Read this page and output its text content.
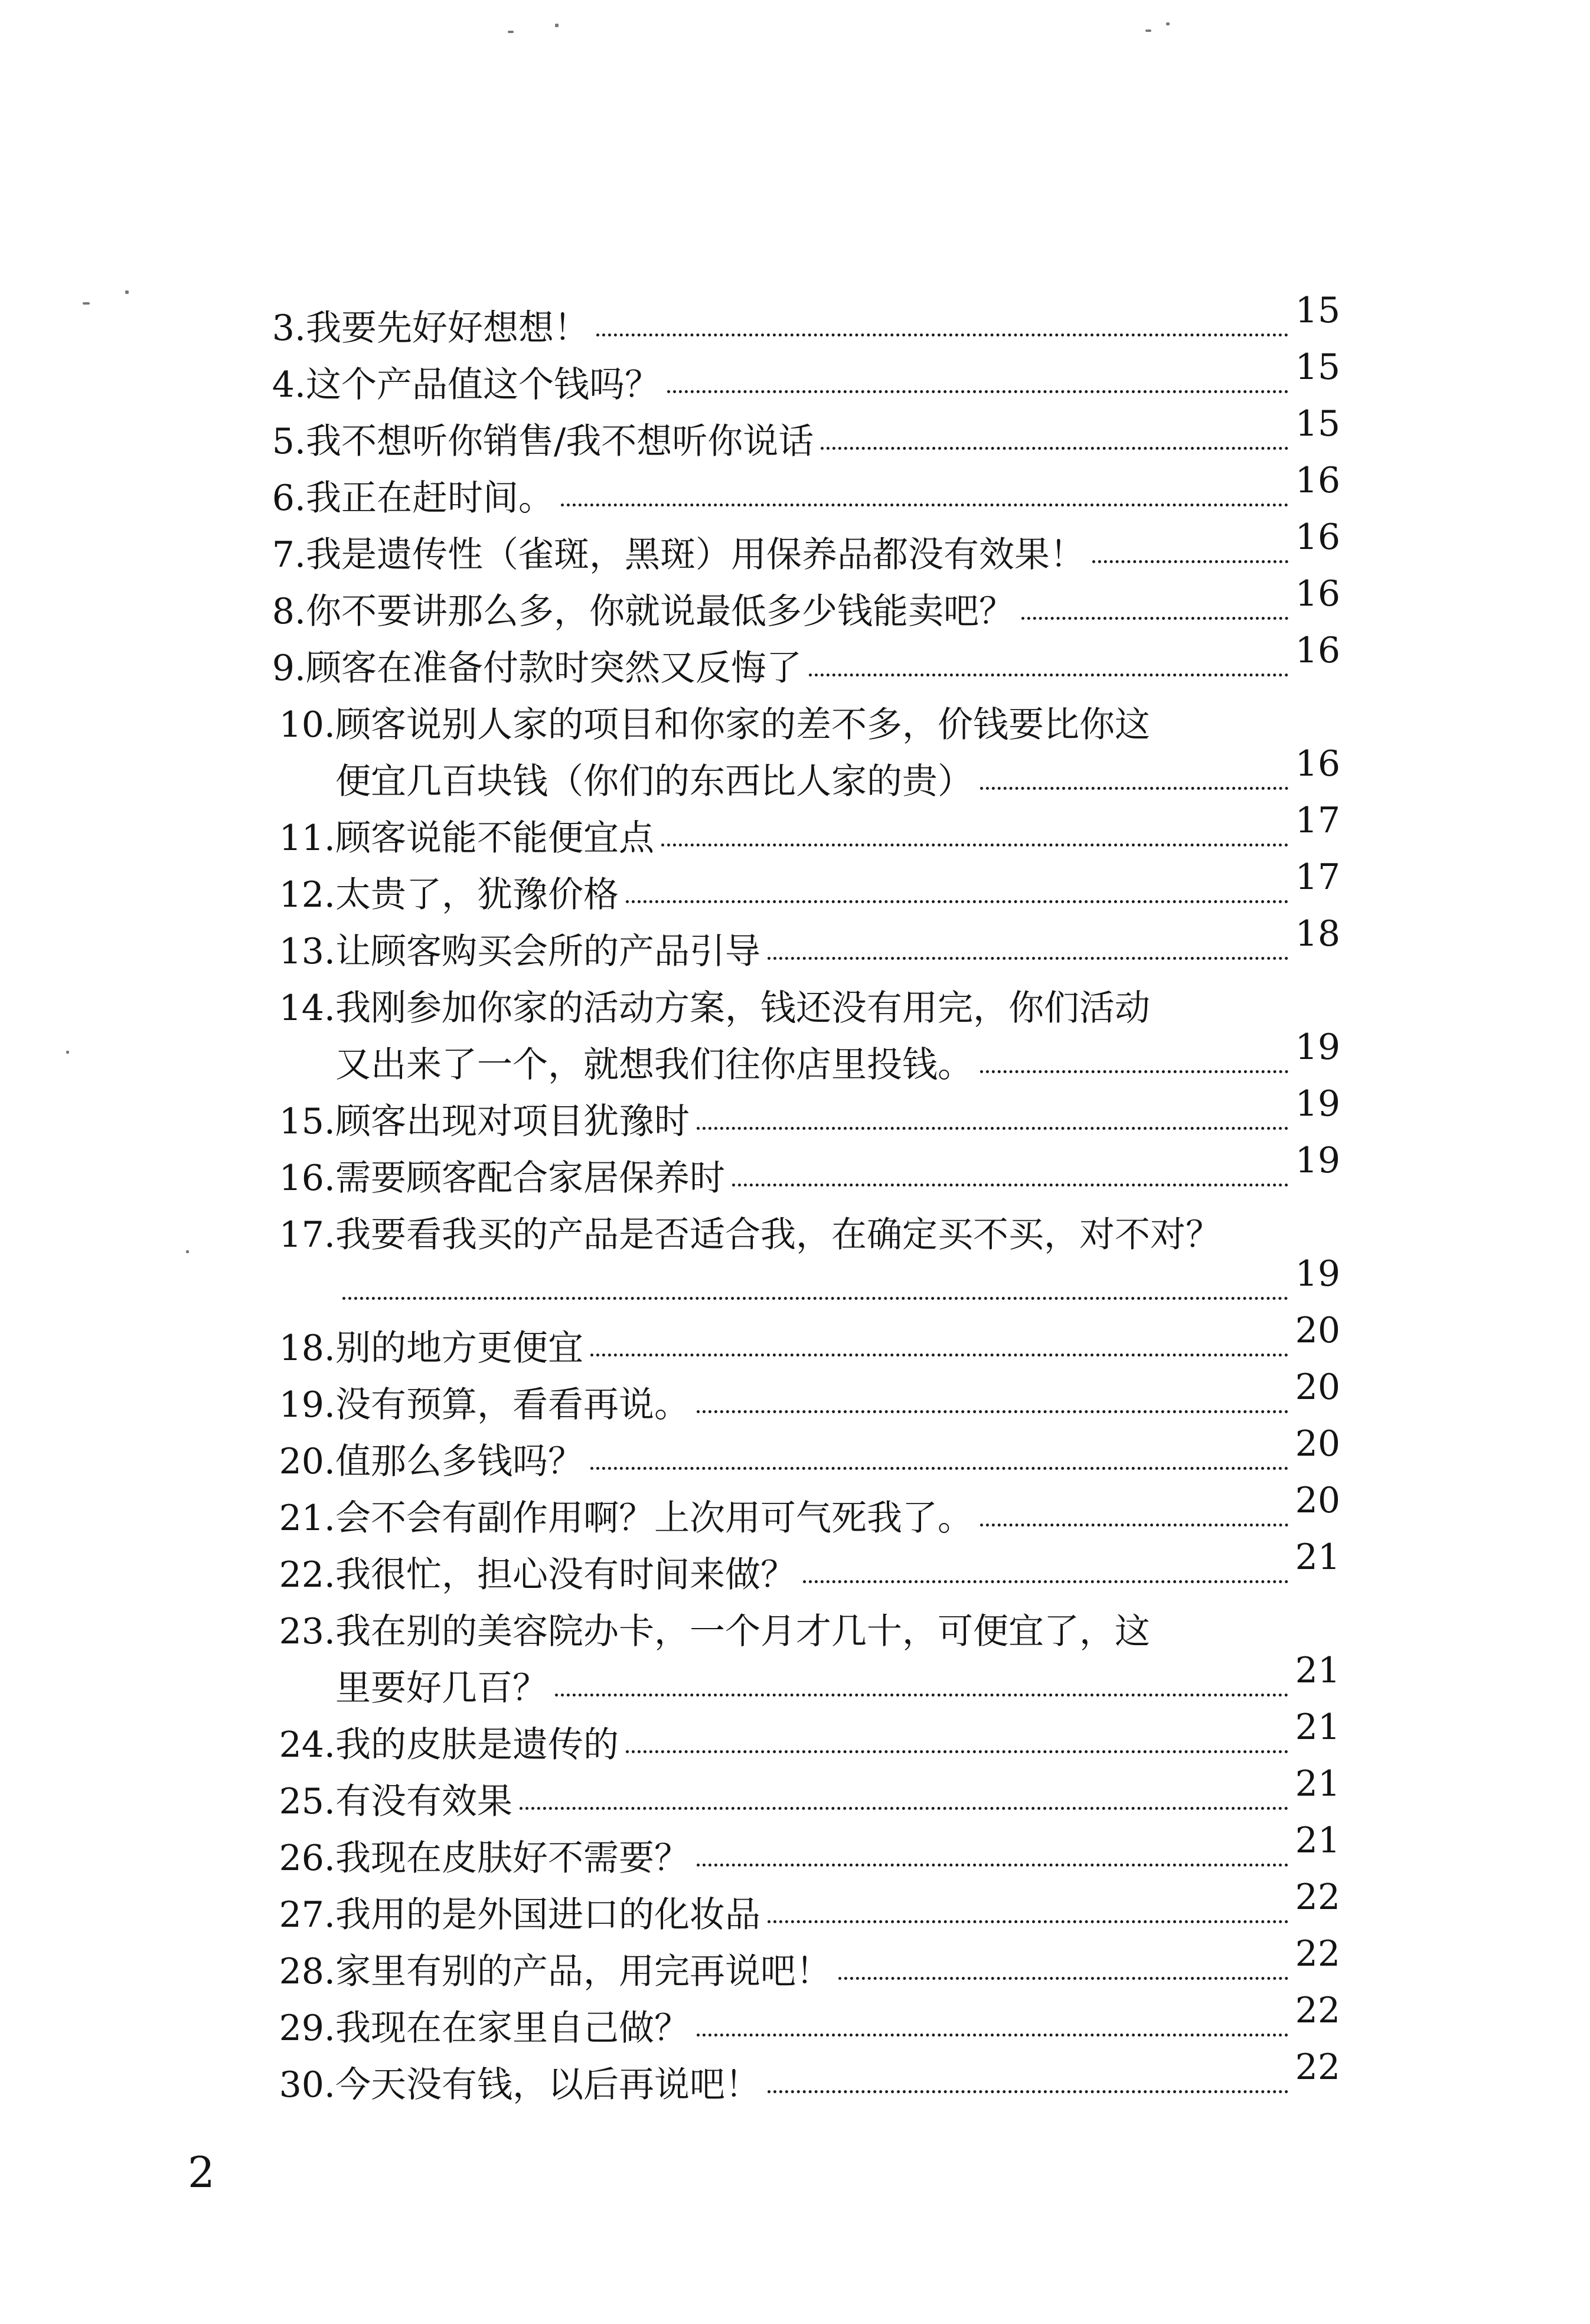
3. 我要先好好想想！	15
4. 这个产品值这个钱吗？	15
5. 我不想听你销售/我不想听你说话	15
6. 我正在赶时间。	16
7. 我是遗传性（雀斑，黑斑）用保养品都没有效果！	16
8. 你不要讲那么多，你就说最低多少钱能卖吧？	16
9. 顾客在准备付款时突然又反悔了	16
10. 顾客说别人家的项目和你家的差不多，价钱要比你这
便宜几百块钱（你们的东西比人家的贵）	16
11. 顾客说能不能便宜点	17
12. 太贵了，犹豫价格	17
13. 让顾客购买会所的产品引导	18
14. 我刚参加你家的活动方案，钱还没有用完，你们活动
又出来了一个，就想我们往你店里投钱。	19
15. 顾客出现对项目犹豫时	19
16. 需要顾客配合家居保养时	19
17. 我要看我买的产品是否适合我，在确定买不买，对不对？
19
18. 别的地方更便宜	20
19. 没有预算，看看再说。	20
20. 值那么多钱吗？	20
21. 会不会有副作用啊？上次用可气死我了。	20
22. 我很忙，担心没有时间来做？	21
23. 我在别的美容院办卡，一个月才几十，可便宜了，这
里要好几百？	21
24. 我的皮肤是遗传的	21
25. 有没有效果	21
26. 我现在皮肤好不需要？	21
27. 我用的是外国进口的化妆品	22
28. 家里有别的产品，用完再说吧！	22
29. 我现在在家里自己做？	22
30. 今天没有钱，以后再说吧！	22
2
